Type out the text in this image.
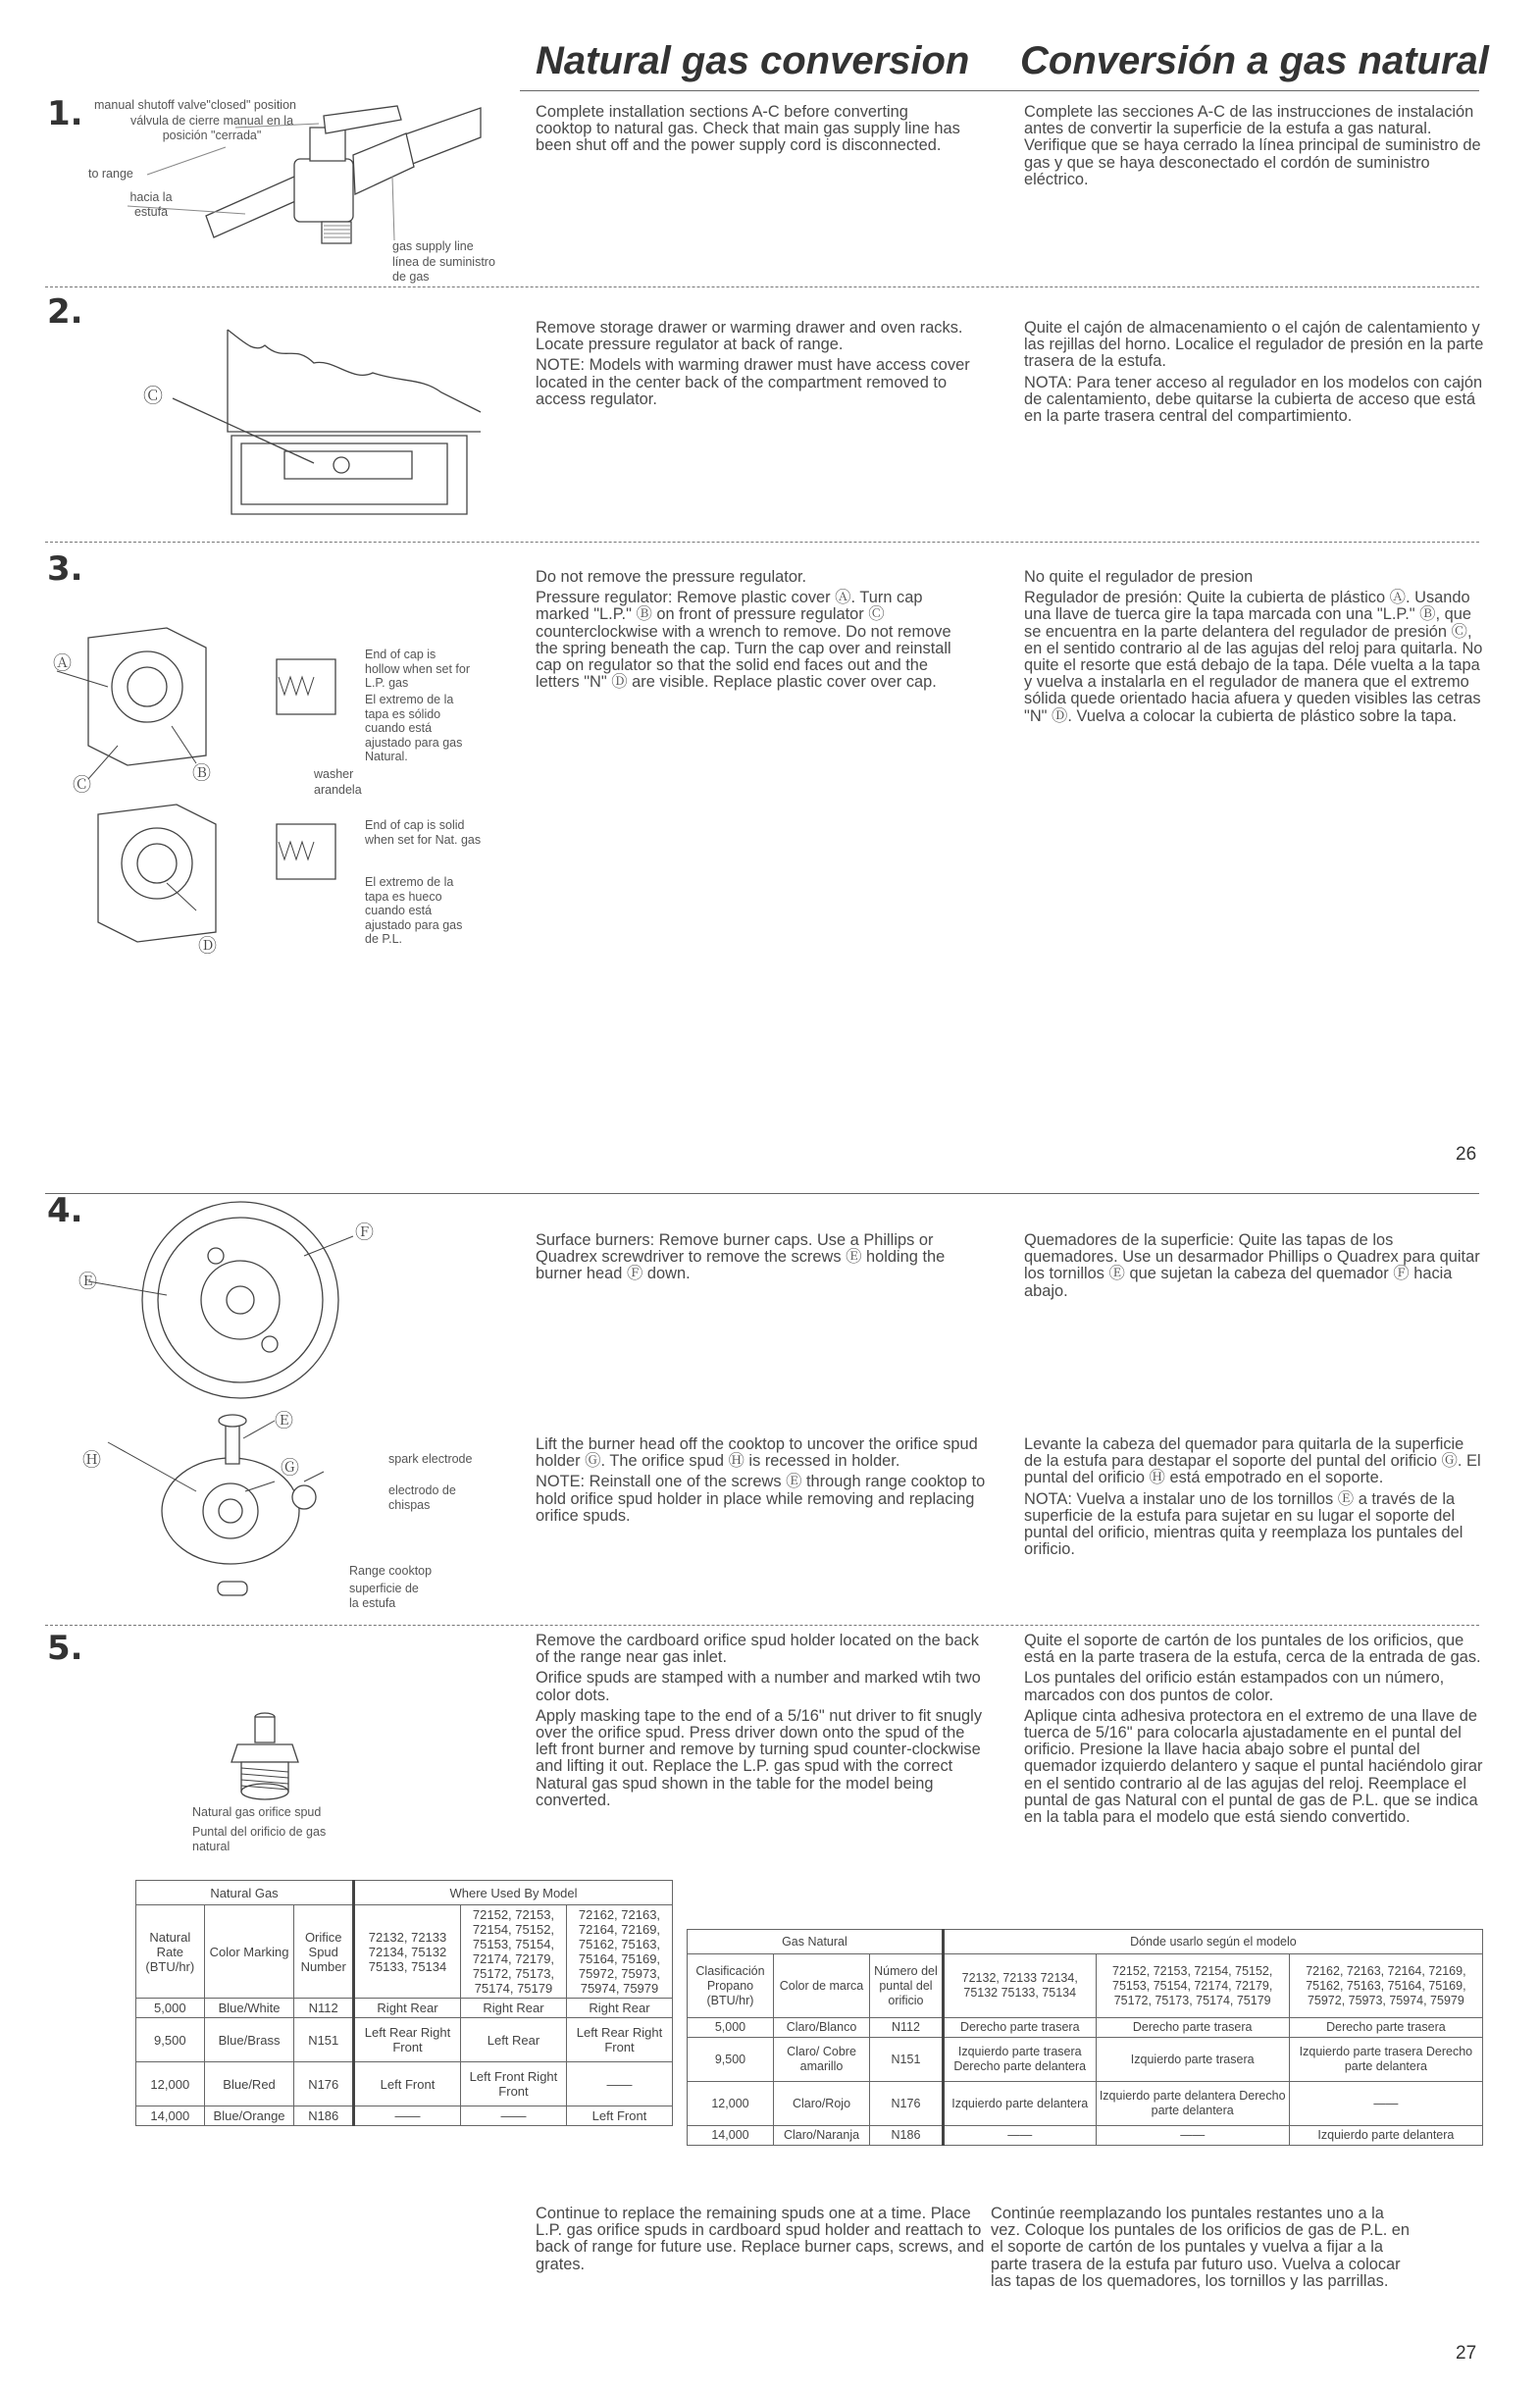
Natural gas conversion Conversión a gas natural
1.	Complete installation sections A-C before converting cooktop to natural gas. Check that main gas supply line has been shut off and the power supply cord is disconnected.

Complete las secciones A-C de las instrucciones de instalación antes de convertir la superficie de la estufa a gas natural. Verifique que se haya cerrado la línea principal de suministro de gas y que se haya desconectado el cordón de suministro eléctrico.

manual shutoff valve"closed" position
válvula de cierre manual en la posición "cerrada"
to range
hacia la estufa
gas supply line
línea de suministro de gas
2.	Remove storage drawer or warming drawer and oven racks. Locate pressure regulator at back of range.

NOTE: Models with warming drawer must have access cover located in the center back of the compartment removed to access regulator.

Quite el cajón de almacenamiento o el cajón de calentamiento y las rejillas del horno. Localice el regulador de presión en la parte trasera de la estufa.

NOTA: Para tener acceso al regulador en los modelos con cajón de calentamiento, debe quitarse la cubierta de acceso que está en la parte trasera central del compartimiento.

Ⓒ
3.	Do not remove the pressure regulator.

Pressure regulator: Remove plastic cover Ⓐ. Turn cap marked "L.P." Ⓑ on front of pressure regulator Ⓒ counterclockwise with a wrench to remove. Do not remove the spring beneath the cap. Turn the cap over and reinstall cap on regulator so that the solid end faces out and the letters "N" Ⓓ are visible. Replace plastic cover over cap.

No quite el regulador de presion

Regulador de presión: Quite la cubierta de plástico Ⓐ. Usando una llave de tuerca gire la tapa marcada con una "L.P." Ⓑ, que se encuentra en la parte delantera del regulador de presión Ⓒ, en el sentido contrario al de las agujas del reloj para quitarla. No quite el resorte que está debajo de la tapa. Déle vuelta a la tapa y vuelva a instalarla en el regulador de manera que el extremo sólida quede orientado hacia afuera y queden visibles las cetras "N" Ⓓ. Vuelva a colocar la cubierta de plástico sobre la tapa.

Ⓐ
Ⓒ
Ⓑ
Ⓓ
End of cap is hollow when set for L.P. gas
El extremo de la tapa es sólido cuando está ajustado para gas Natural.
washer
arandela
End of cap is solid when set for Nat. gas
El extremo de la tapa es hueco cuando está ajustado para gas de P.L.
26
4.

Surface burners: Remove burner caps. Use a Phillips or Quadrex screwdriver to remove the screws Ⓔ holding the burner head Ⓕ down.

Quemadores de la superficie: Quite las tapas de los quemadores. Use un desarmador Phillips o Quadrex para quitar los tornillos Ⓔ que sujetan la cabeza del quemador Ⓕ hacia abajo.

Lift the burner head off the cooktop to uncover the orifice spud holder Ⓖ. The orifice spud Ⓗ is recessed in holder.

NOTE: Reinstall one of the screws Ⓔ through range cooktop to hold orifice spud holder in place while removing and replacing orifice spuds.

Levante la cabeza del quemador para quitarla de la superficie de la estufa para destapar el soporte del puntal del orificio Ⓖ. El puntal del orificio Ⓗ está empotrado en el soporte.

NOTA: Vuelva a instalar uno de los tornillos Ⓔ a través de la superficie de la estufa para sujetar en su lugar el soporte del puntal del orificio, mientras quita y reemplaza los puntales del orificio.

Ⓔ
Ⓕ
Ⓔ
Ⓗ	Ⓖ	spark electrode
electrodo de chispas
Range cooktop
superficie de la estufa
5.	Remove the cardboard orifice spud holder located on the back of the range near gas inlet.

Orifice spuds are stamped with a number and marked wtih two color dots.

Apply masking tape to the end of a 5/16" nut driver to fit snugly over the orifice spud. Press driver down onto the spud of the left front burner and remove by turning spud counter-clockwise and lifting it out. Replace the L.P. gas spud with the correct Natural gas spud shown in the table for the model being converted.

Quite el soporte de cartón de los puntales de los orificios, que está en la parte trasera de la estufa, cerca de la entrada de gas.

Los puntales del orificio están estampados con un número, marcados con dos puntos de color.

Aplique cinta adhesiva protectora en el extremo de una llave de tuerca de 5/16" para colocarla ajustadamente en el puntal del orificio. Presione la llave hacia abajo sobre el puntal del quemador izquierdo delantero y saque el puntal haciéndolo girar en el sentido contrario al de las agujas del reloj. Reemplace el puntal de gas Natural con el puntal de gas de P.L. que se indica en la tabla para el modelo que está siendo convertido.

Natural gas orifice spud
Puntal del orificio de gas natural
Natural Gas			Where Used By Model		
Natural Rate (BTU/hr)	Color Marking	Orifice Spud Number	72132, 72133 72134, 75132 75133, 75134	72152, 72153, 72154, 75152, 75153, 75154, 72174, 72179, 75172, 75173, 75174, 75179	72162, 72163, 72164, 72169, 75162, 75163, 75164, 75169, 75972, 75973, 75974, 75979
5,000	Blue/White	N112	Right Rear	Right Rear	Right Rear
9,500	Blue/Brass	N151	Left Rear Right Front	Left Rear	Left Rear Right Front
12,000	Blue/Red	N176	Left Front	Left Front Right Front	——
14,000	Blue/Orange	N186	——	——	Left Front
Gas Natural			Dónde usarlo según el modelo		
Clasificación Propano (BTU/hr)	Color de marca	Número del puntal del orificio	72132, 72133 72134, 75132 75133, 75134	72152, 72153, 72154, 75152, 75153, 75154, 72174, 72179, 75172, 75173, 75174, 75179	72162, 72163, 72164, 72169, 75162, 75163, 75164, 75169, 75972, 75973, 75974, 75979
5,000	Claro/Blanco	N112	Derecho parte trasera	Derecho parte trasera	Derecho parte trasera
9,500	Claro/ Cobre amarillo	N151	Izquierdo parte trasera Derecho parte delantera	Izquierdo parte trasera	Izquierdo parte trasera Derecho parte delantera
12,000	Claro/Rojo	N176	Izquierdo parte delantera	Izquierdo parte delantera Derecho parte delantera	——
14,000	Claro/Naranja	N186	——	——	Izquierdo parte delantera

Continue to replace the remaining spuds one at a time. Place L.P. gas orifice spuds in cardboard spud holder and reattach to back of range for future use. Replace burner caps, screws, and grates.

Continúe reemplazando los puntales restantes uno a la vez. Coloque los puntales de los orificios de gas de P.L. en el soporte de cartón de los puntales y vuelva a fijar a la parte trasera de la estufa par futuro uso. Vuelva a colocar las tapas de los quemadores, los tornillos y las parrillas.

27
